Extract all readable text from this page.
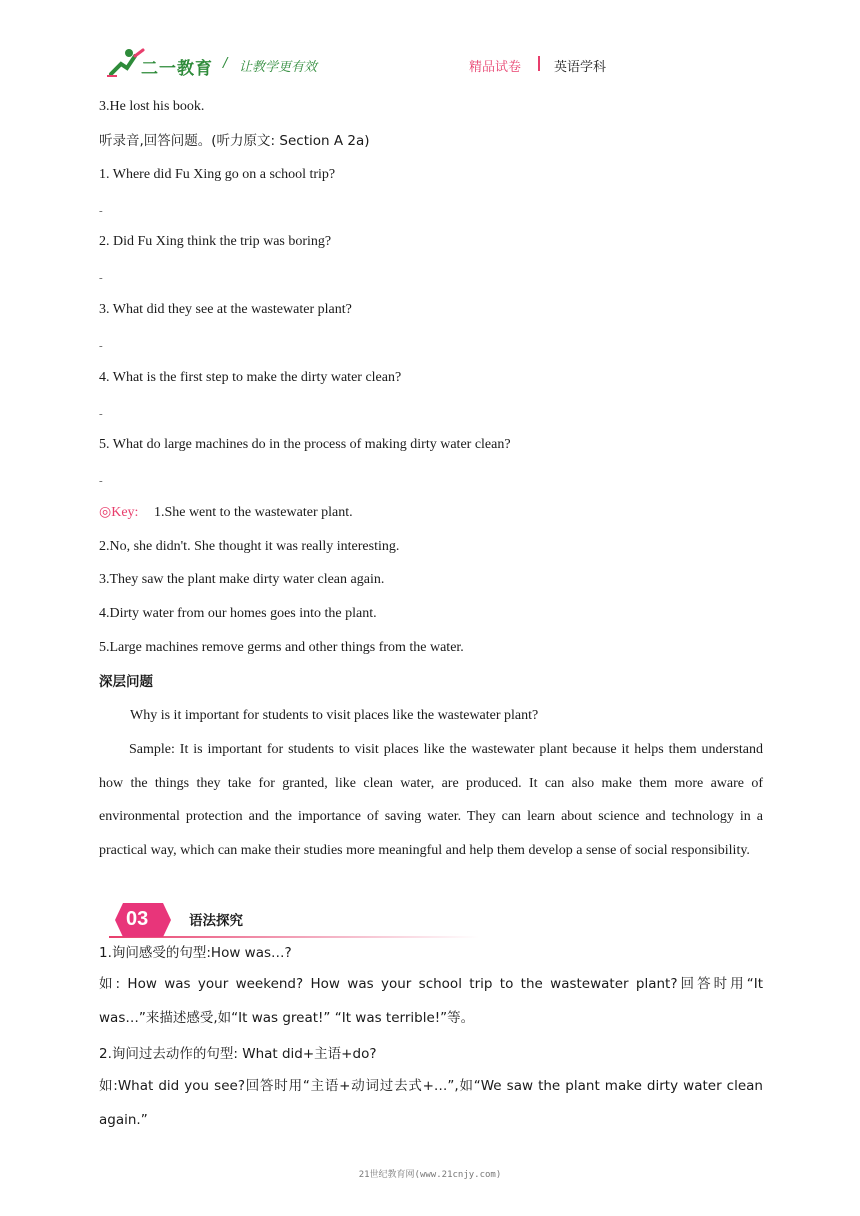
二一教育 / 让教学更有效	精品试卷	英语学科
3.He lost his book.
听录音,回答问题。(听力原文: Section A 2a)
1. Where did Fu Xing go on a school trip?
-
2. Did Fu Xing think the trip was boring?
-
3. What did they see at the wastewater plant?
-
4. What is the first step to make the dirty water clean?
-
5. What do large machines do in the process of making dirty water clean?
-
◎Key: 1.She went to the wastewater plant.
2.No, she didn't. She thought it was really interesting.
3.They saw the plant make dirty water clean again.
4.Dirty water from our homes goes into the plant.
5.Large machines remove germs and other things from the water.
深层问题
Why is it important for students to visit places like the wastewater plant?
Sample: It is important for students to visit places like the wastewater plant because it helps them understand how the things they take for granted, like clean water, are produced. It can also make them more aware of environmental protection and the importance of saving water. They can learn about science and technology in a practical way, which can make their studies more meaningful and help them develop a sense of social responsibility.
03	语法探究
1.询问感受的句型:How was…?
如: How was your weekend? How was your school trip to the wastewater plant?回答时用“It was…”来描述感受,如“It was great!” “It was terrible!”等。
2.询问过去动作的句型: What did+主语+do?
如:What did you see?回答时用“主语+动词过去式+…”,如“We saw the plant make dirty water clean again.”
21世纪教育网(www.21cnjy.com)
